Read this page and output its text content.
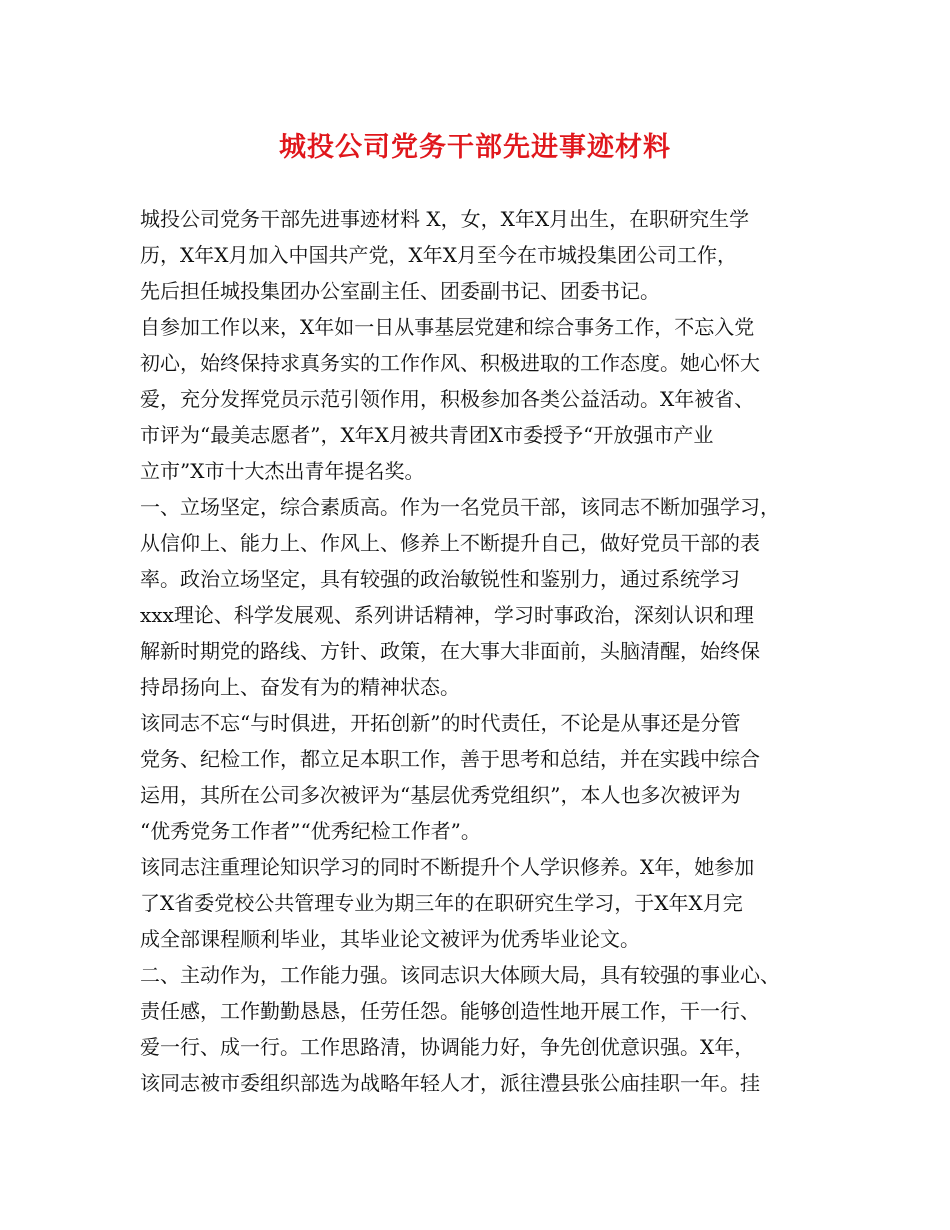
城投公司党务干部先进事迹材料
城投公司党务干部先进事迹材料 X，女，X年X月出生，在职研究生学
历，X年X月加入中国共产党，X年X月至今在市城投集团公司工作，
先后担任城投集团办公室副主任、团委副书记、团委书记。
自参加工作以来，X年如一日从事基层党建和综合事务工作，不忘入党
初心，始终保持求真务实的工作作风、积极进取的工作态度。她心怀大
爱，充分发挥党员示范引领作用，积极参加各类公益活动。X年被省、
市评为“最美志愿者”，X年X月被共青团X市委授予“开放强市产业
立市”X市十大杰出青年提名奖。
一、立场坚定，综合素质高。作为一名党员干部，该同志不断加强学习，
从信仰上、能力上、作风上、修养上不断提升自己，做好党员干部的表
率。政治立场坚定，具有较强的政治敏锐性和鉴别力，通过系统学习
xxx理论、科学发展观、系列讲话精神，学习时事政治，深刻认识和理
解新时期党的路线、方针、政策，在大事大非面前，头脑清醒，始终保
持昂扬向上、奋发有为的精神状态。
该同志不忘“与时俱进，开拓创新”的时代责任，不论是从事还是分管
党务、纪检工作，都立足本职工作，善于思考和总结，并在实践中综合
运用，其所在公司多次被评为“基层优秀党组织”，本人也多次被评为
“优秀党务工作者”“优秀纪检工作者”。
该同志注重理论知识学习的同时不断提升个人学识修养。X年，她参加
了X省委党校公共管理专业为期三年的在职研究生学习，于X年X月完
成全部课程顺利毕业，其毕业论文被评为优秀毕业论文。
二、主动作为，工作能力强。该同志识大体顾大局，具有较强的事业心、
责任感，工作勤勤恳恳，任劳任怨。能够创造性地开展工作，干一行、
爱一行、成一行。工作思路清，协调能力好，争先创优意识强。X年，
该同志被市委组织部选为战略年轻人才，派往澧县张公庙挂职一年。挂
